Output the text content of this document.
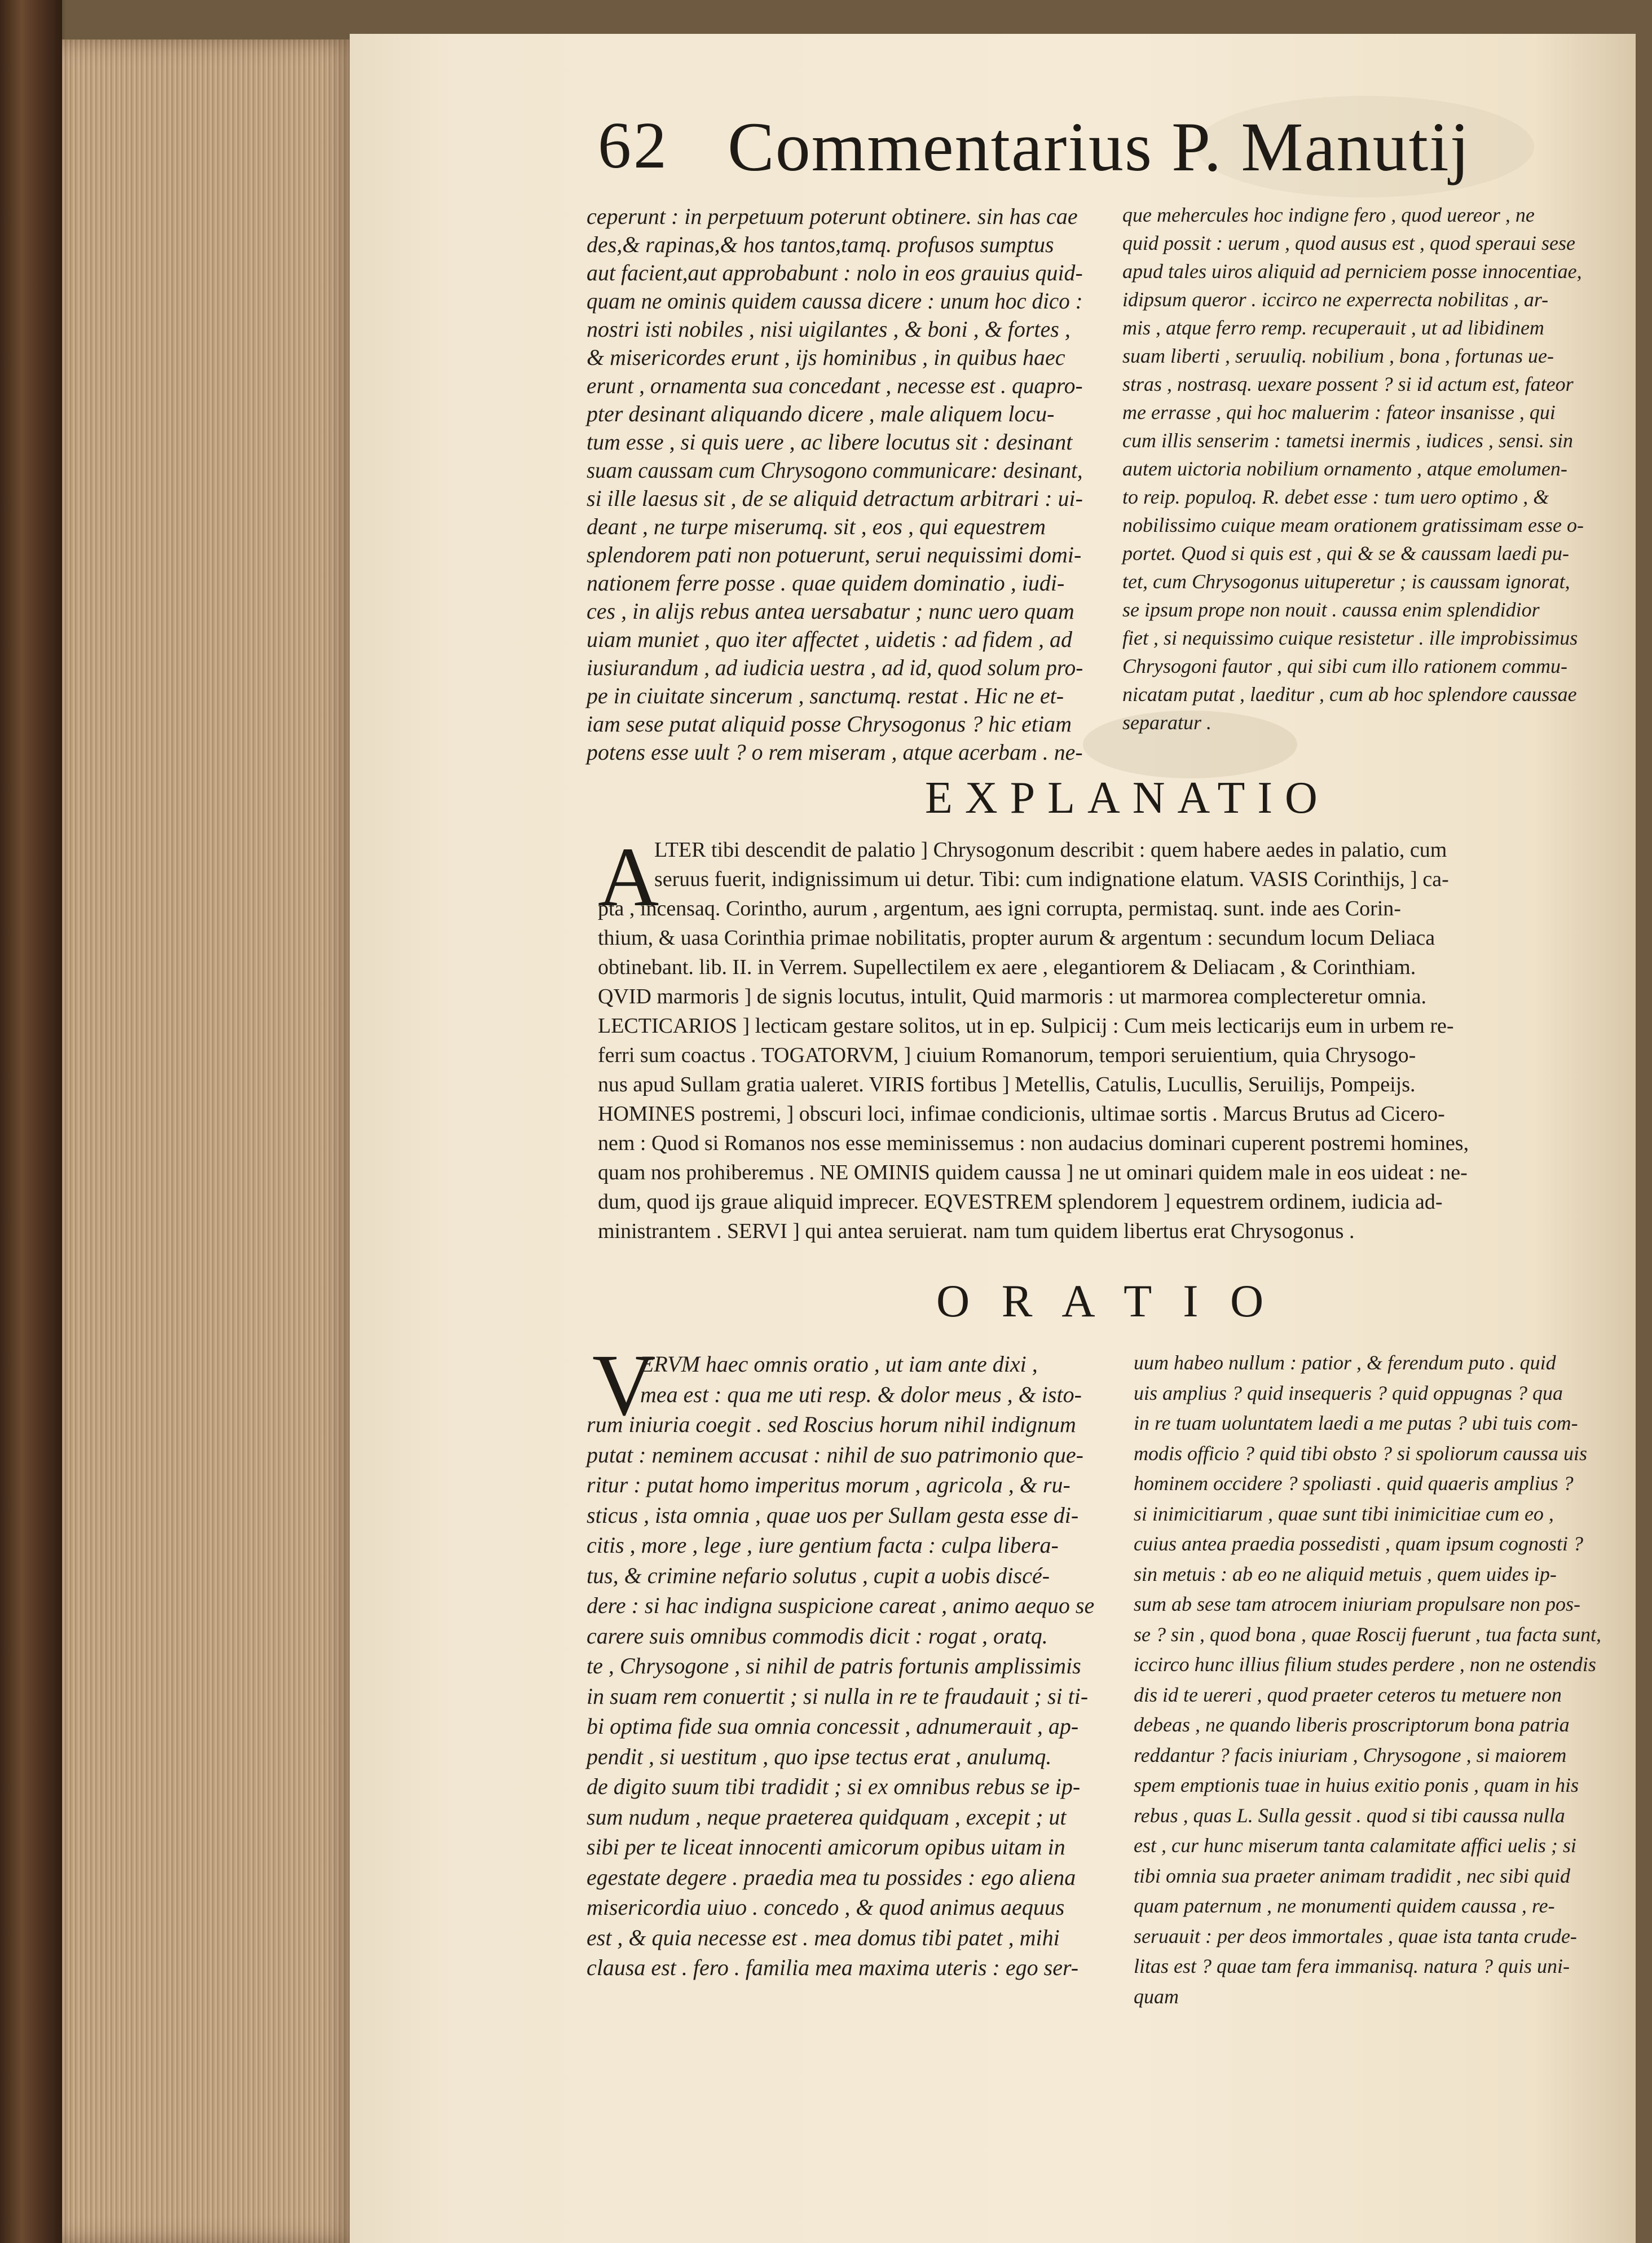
62 Commentarius P. Manutij
ceperunt : in perpetuum poterunt obtinere. sin has cae
des,& rapinas,& hos tantos,tamq. profusos sumptus
aut facient,aut approbabunt : nolo in eos grauius quid-
quam ne ominis quidem caussa dicere : unum hoc dico :
nostri isti nobiles , nisi uigilantes , & boni , & fortes ,
& misericordes erunt , ijs hominibus , in quibus haec
erunt , ornamenta sua concedant , necesse est . quapro-
pter desinant aliquando dicere , male aliquem locu-
tum esse , si quis uere , ac libere locutus sit : desinant
suam caussam cum Chrysogono communicare: desinant,
si ille laesus sit , de se aliquid detractum arbitrari : ui-
deant , ne turpe miserumq. sit , eos , qui equestrem
splendorem pati non potuerunt, serui nequissimi domi-
nationem ferre posse . quae quidem dominatio , iudi-
ces , in alijs rebus antea uersabatur ; nunc uero quam
uiam muniet , quo iter affectet , uidetis : ad fidem , ad
iusiurandum , ad iudicia uestra , ad id, quod solum pro-
pe in ciuitate sincerum , sanctumq. restat . Hic ne et-
iam sese putat aliquid posse Chrysogonus ? hic etiam
potens esse uult ? o rem miseram , atque acerbam . ne-
que mehercules hoc indigne fero , quod uereor , ne
quid possit : uerum , quod ausus est , quod speraui sese
apud tales uiros aliquid ad perniciem posse innocentiae,
idipsum queror . iccirco ne experrecta nobilitas , ar-
mis , atque ferro remp. recuperauit , ut ad libidinem
suam liberti , seruuliq. nobilium , bona , fortunas ue-
stras , nostrasq. uexare possent ? si id actum est, fateor
me errasse , qui hoc maluerim : fateor insanisse , qui
cum illis senserim : tametsi inermis , iudices , sensi. sin
autem uictoria nobilium ornamento , atque emolumen-
to reip. populoq. R. debet esse : tum uero optimo , &
nobilissimo cuique meam orationem gratissimam esse o-
portet. Quod si quis est , qui & se & caussam laedi pu-
tet, cum Chrysogonus uituperetur ; is caussam ignorat,
se ipsum prope non nouit . caussa enim splendidior
fiet , si nequissimo cuique resistetur . ille improbissimus
Chrysogoni fautor , qui sibi cum illo rationem commu-
nicatam putat , laeditur , cum ab hoc splendore caussae
separatur .
EXPLANATIO
A
LTER tibi descendit de palatio ] Chrysogonum describit : quem habere aedes in palatio, cum
seruus fuerit, indignissimum ui detur. Tibi: cum indignatione elatum. VASIS Corinthijs, ] ca-
pta , incensaq. Corintho, aurum , argentum, aes igni corrupta, permistaq. sunt. inde aes Corin-
thium, & uasa Corinthia primae nobilitatis, propter aurum & argentum : secundum locum Deliaca
obtinebant. lib. II. in Verrem. Supellectilem ex aere , elegantiorem & Deliacam , & Corinthiam.
QVID marmoris ] de signis locutus, intulit, Quid marmoris : ut marmorea complecteretur omnia.
LECTICARIOS ] lecticam gestare solitos, ut in ep. Sulpicij : Cum meis lecticarijs eum in urbem re-
ferri sum coactus . TOGATORVM, ] ciuium Romanorum, tempori seruientium, quia Chrysogo-
nus apud Sullam gratia ualeret. VIRIS fortibus ] Metellis, Catulis, Lucullis, Seruilijs, Pompeijs.
HOMINES postremi, ] obscuri loci, infimae condicionis, ultimae sortis . Marcus Brutus ad Cicero-
nem : Quod si Romanos nos esse meminissemus : non audacius dominari cuperent postremi homines,
quam nos prohiberemus . NE OMINIS quidem caussa ] ne ut ominari quidem male in eos uideat : ne-
dum, quod ijs graue aliquid imprecer. EQVESTREM splendorem ] equestrem ordinem, iudicia ad-
ministrantem . SERVI ] qui antea seruierat. nam tum quidem libertus erat Chrysogonus .
O R A T I O
V
ERVM haec omnis oratio , ut iam ante dixi ,
mea est : qua me uti resp. & dolor meus , & isto-
rum iniuria coegit . sed Roscius horum nihil indignum
putat : neminem accusat : nihil de suo patrimonio que-
ritur : putat homo imperitus morum , agricola , & ru-
sticus , ista omnia , quae uos per Sullam gesta esse di-
citis , more , lege , iure gentium facta : culpa libera-
tus, & crimine nefario solutus , cupit a uobis discé-
dere : si hac indigna suspicione careat , animo aequo se
carere suis omnibus commodis dicit : rogat , oratq.
te , Chrysogone , si nihil de patris fortunis amplissimis
in suam rem conuertit ; si nulla in re te fraudauit ; si ti-
bi optima fide sua omnia concessit , adnumerauit , ap-
pendit , si uestitum , quo ipse tectus erat , anulumq.
de digito suum tibi tradidit ; si ex omnibus rebus se ip-
sum nudum , neque praeterea quidquam , excepit ; ut
sibi per te liceat innocenti amicorum opibus uitam in
egestate degere . praedia mea tu possides : ego aliena
misericordia uiuo . concedo , & quod animus aequus
est , & quia necesse est . mea domus tibi patet , mihi
clausa est . fero . familia mea maxima uteris : ego ser-
uum habeo nullum : patior , & ferendum puto . quid
uis amplius ? quid insequeris ? quid oppugnas ? qua
in re tuam uoluntatem laedi a me putas ? ubi tuis com-
modis officio ? quid tibi obsto ? si spoliorum caussa uis
hominem occidere ? spoliasti . quid quaeris amplius ?
si inimicitiarum , quae sunt tibi inimicitiae cum eo ,
cuius antea praedia possedisti , quam ipsum cognosti ?
sin metuis : ab eo ne aliquid metuis , quem uides ip-
sum ab sese tam atrocem iniuriam propulsare non pos-
se ? sin , quod bona , quae Roscij fuerunt , tua facta sunt,
iccirco hunc illius filium studes perdere , non ne ostendis
dis id te uereri , quod praeter ceteros tu metuere non
debeas , ne quando liberis proscriptorum bona patria
reddantur ? facis iniuriam , Chrysogone , si maiorem
spem emptionis tuae in huius exitio ponis , quam in his
rebus , quas L. Sulla gessit . quod si tibi caussa nulla
est , cur hunc miserum tanta calamitate affici uelis ; si
tibi omnia sua praeter animam tradidit , nec sibi quid
quam paternum , ne monumenti quidem caussa , re-
seruauit : per deos immortales , quae ista tanta crude-
litas est ? quae tam fera immanisq. natura ? quis uni-
quam
